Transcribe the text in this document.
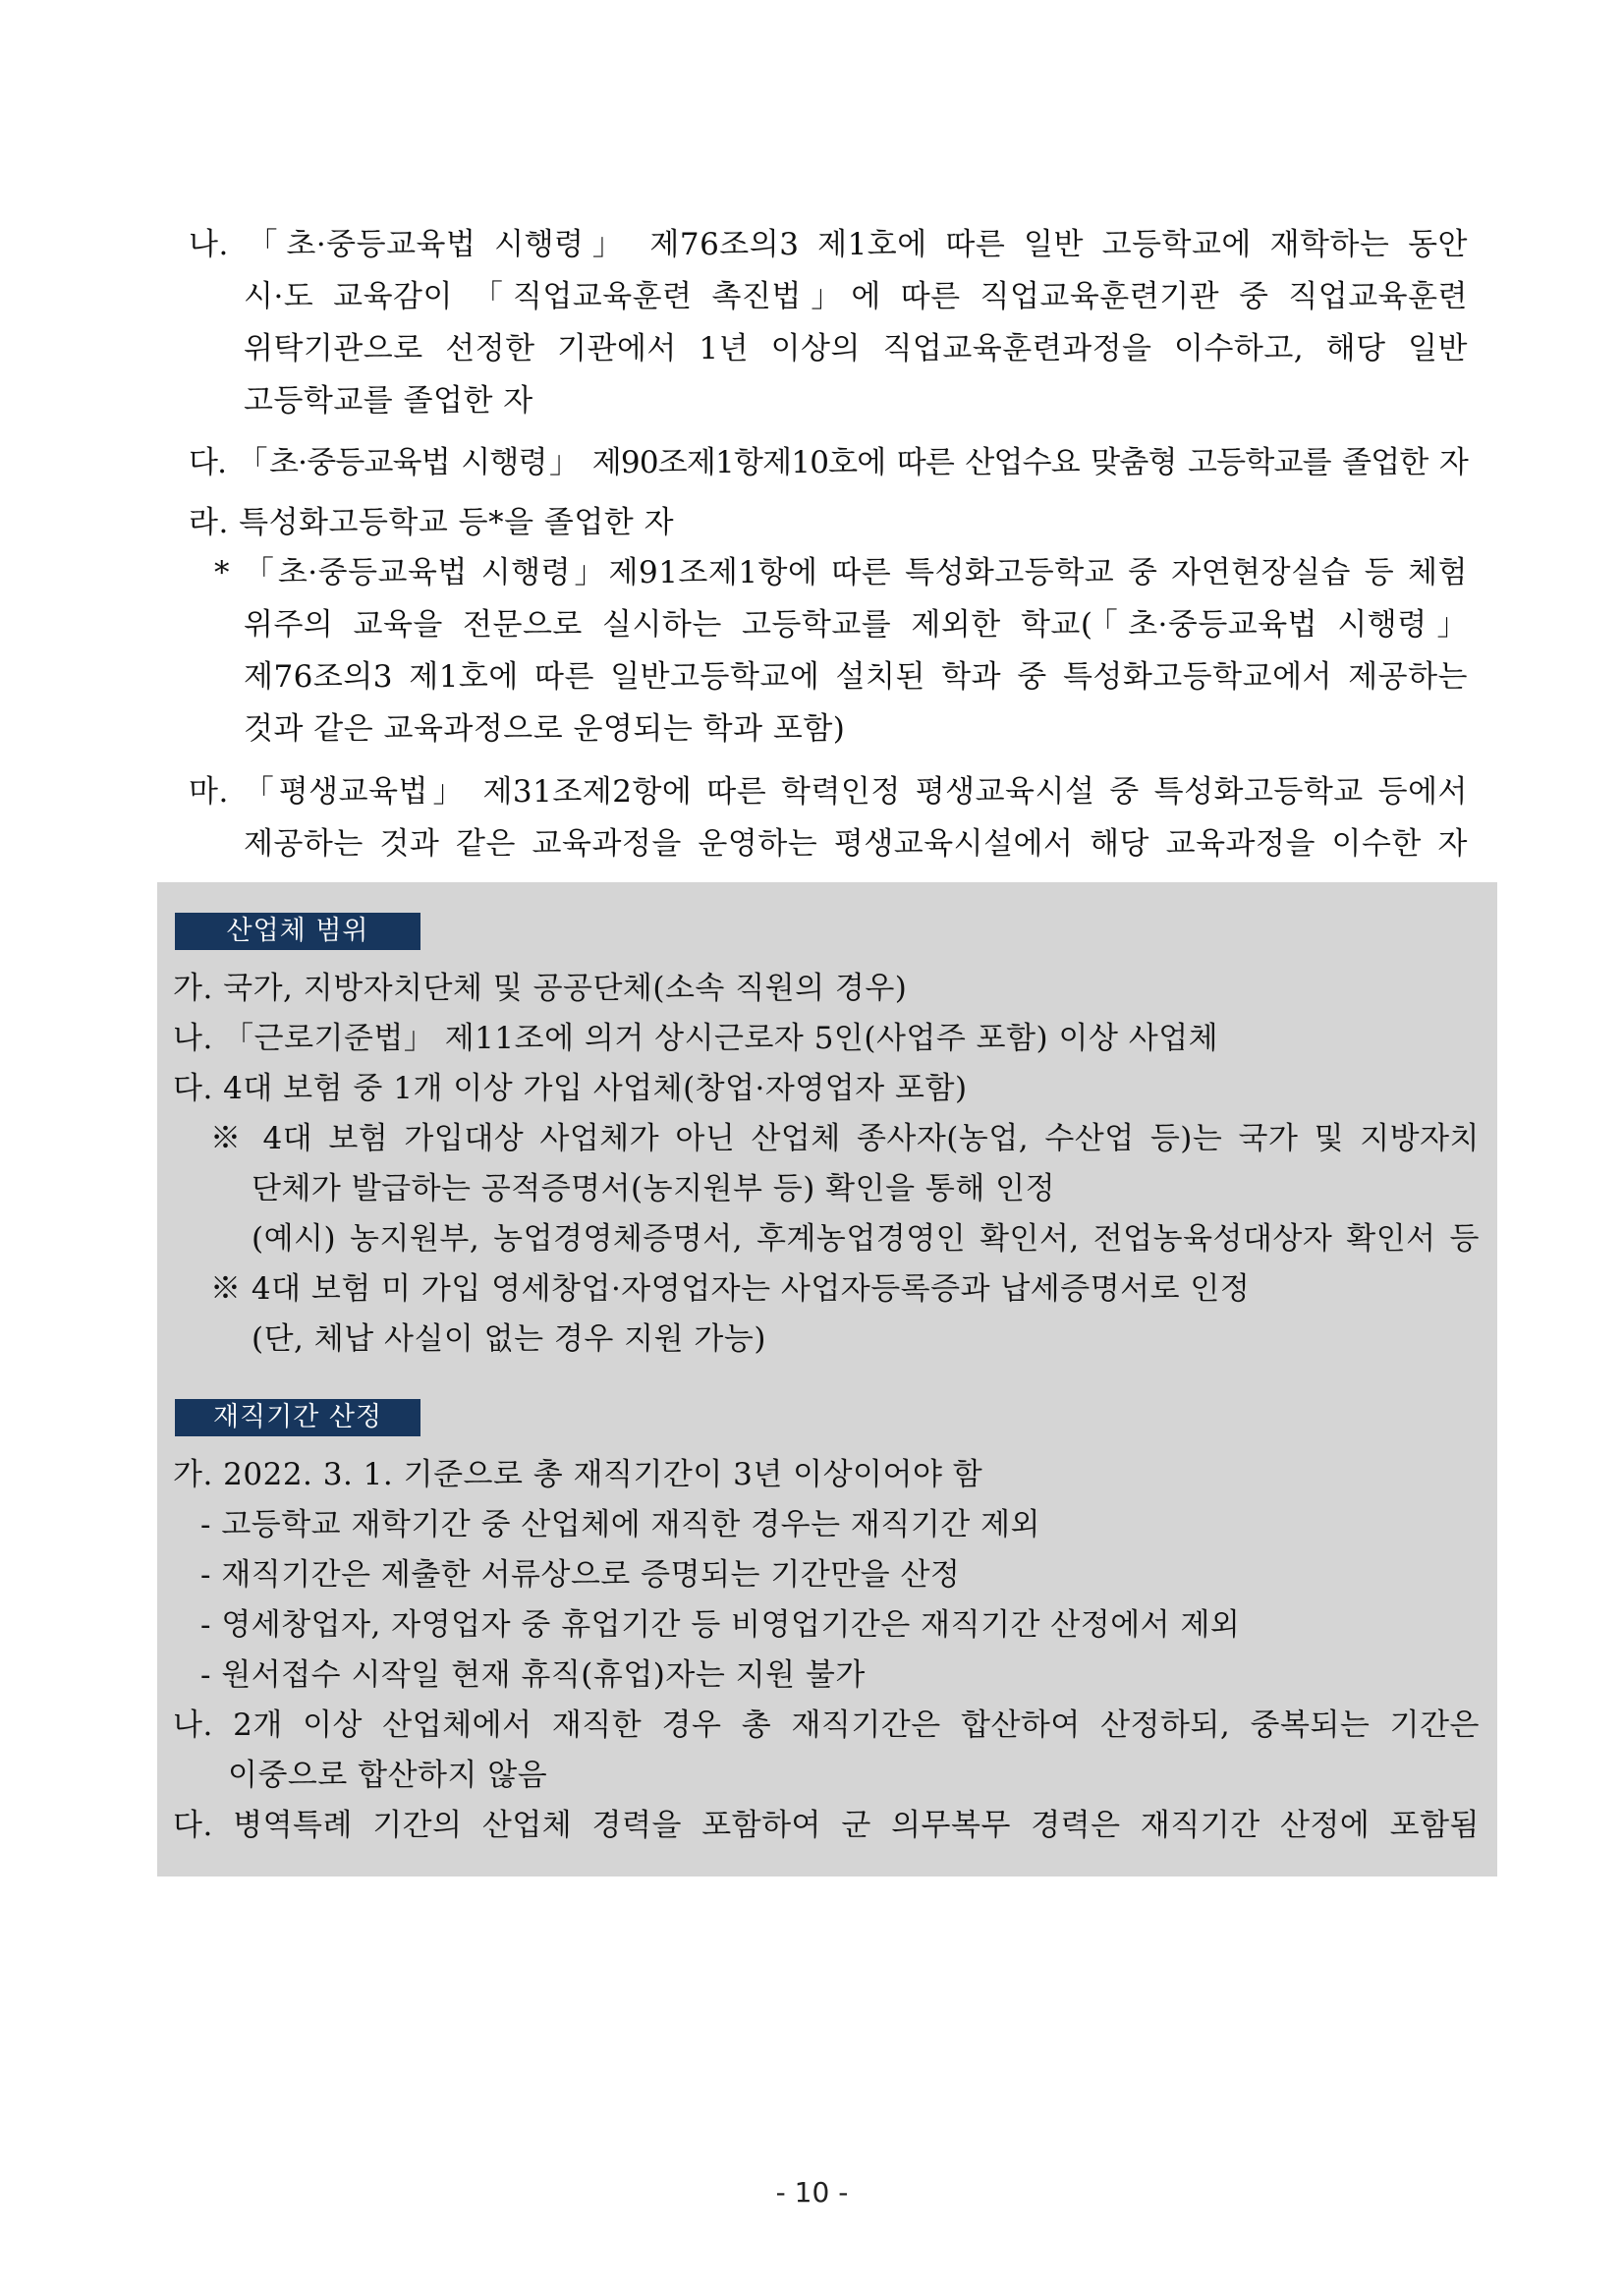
나. 「초·중등교육법 시행령」 제76조의3 제1호에 따른 일반 고등학교에 재학하는 동안
시·도 교육감이 「직업교육훈련 촉진법」에 따른 직업교육훈련기관 중 직업교육훈련
위탁기관으로 선정한 기관에서 1년 이상의 직업교육훈련과정을 이수하고, 해당 일반
고등학교를 졸업한 자
다. 「초·중등교육법 시행령」 제90조제1항제10호에 따른 산업수요 맞춤형 고등학교를 졸업한 자
라. 특성화고등학교 등*을 졸업한 자
* 「초·중등교육법 시행령」제91조제1항에 따른 특성화고등학교 중 자연현장실습 등 체험
위주의 교육을 전문으로 실시하는 고등학교를 제외한 학교(「초·중등교육법 시행령」
제76조의3 제1호에 따른 일반고등학교에 설치된 학과 중 특성화고등학교에서 제공하는
것과 같은 교육과정으로 운영되는 학과 포함)
마. 「평생교육법」 제31조제2항에 따른 학력인정 평생교육시설 중 특성화고등학교 등에서
제공하는 것과 같은 교육과정을 운영하는 평생교육시설에서 해당 교육과정을 이수한 자
산업체 범위
가. 국가, 지방자치단체 및 공공단체(소속 직원의 경우)
나. 「근로기준법」 제11조에 의거 상시근로자 5인(사업주 포함) 이상 사업체
다. 4대 보험 중 1개 이상 가입 사업체(창업·자영업자 포함)
※ 4대 보험 가입대상 사업체가 아닌 산업체 종사자(농업, 수산업 등)는 국가 및 지방자치
단체가 발급하는 공적증명서(농지원부 등) 확인을 통해 인정
(예시) 농지원부, 농업경영체증명서, 후계농업경영인 확인서, 전업농육성대상자 확인서 등
※ 4대 보험 미 가입 영세창업·자영업자는 사업자등록증과 납세증명서로 인정
(단, 체납 사실이 없는 경우 지원 가능)
재직기간 산정
가. 2022. 3. 1. 기준으로 총 재직기간이 3년 이상이어야 함
- 고등학교 재학기간 중 산업체에 재직한 경우는 재직기간 제외
- 재직기간은 제출한 서류상으로 증명되는 기간만을 산정
- 영세창업자, 자영업자 중 휴업기간 등 비영업기간은 재직기간 산정에서 제외
- 원서접수 시작일 현재 휴직(휴업)자는 지원 불가
나. 2개 이상 산업체에서 재직한 경우 총 재직기간은 합산하여 산정하되, 중복되는 기간은
이중으로 합산하지 않음
다. 병역특례 기간의 산업체 경력을 포함하여 군 의무복무 경력은 재직기간 산정에 포함됨
- 10 -
